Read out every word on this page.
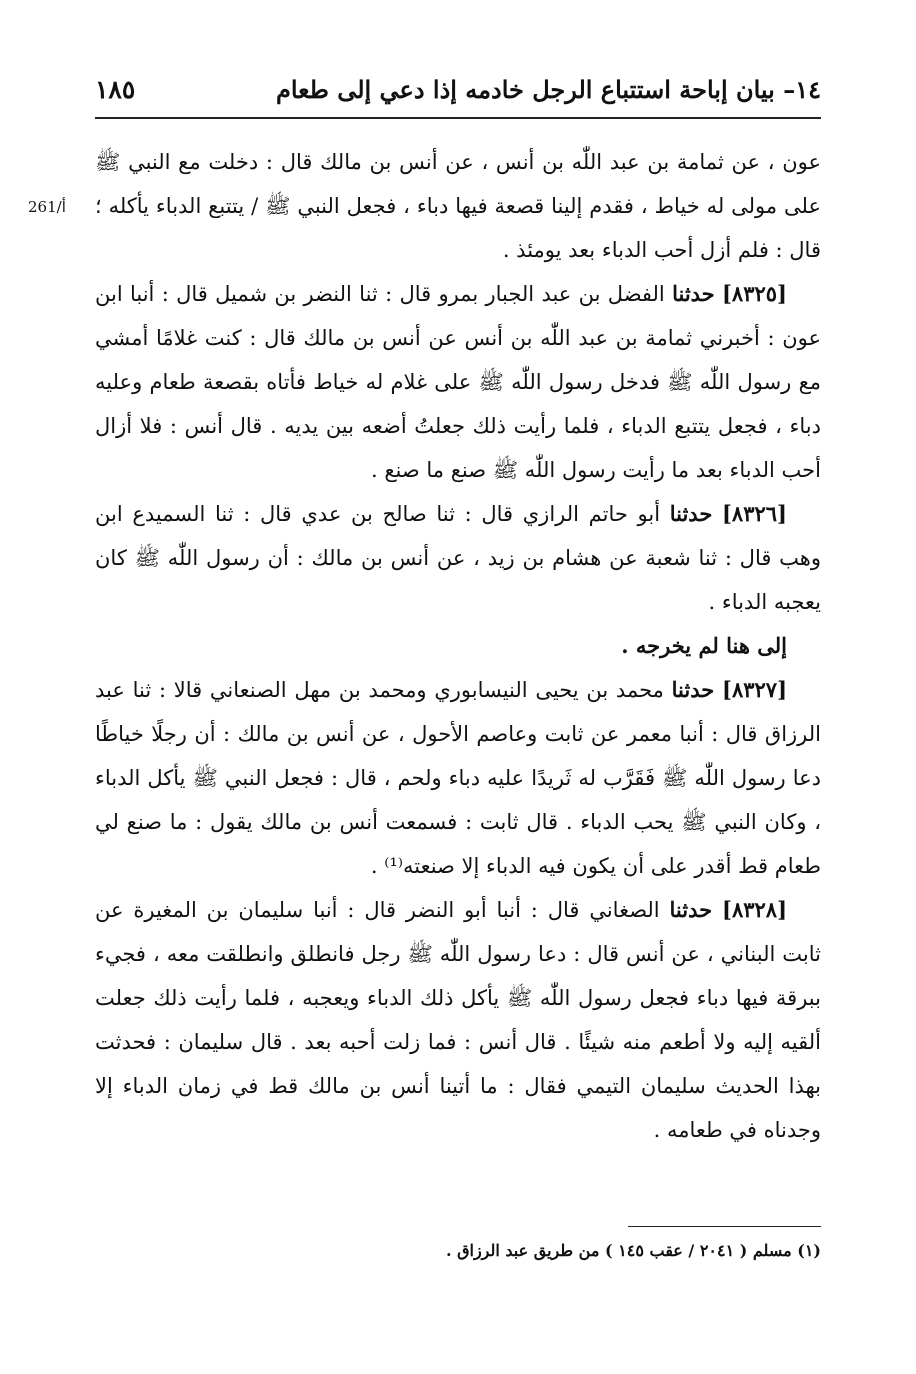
١٨٥	١٤– بيان إباحة استتباع الرجل خادمه إذا دعي إلى طعام
261/أ

عون ، عن ثمامة بن عبد اللّٰه بن أنس ، عن أنس بن مالك قال : دخلت مع النبي ﷺ على مولى له خياط ، فقدم إلينا قصعة فيها دباء ، فجعل النبي ﷺ / يتتبع الدباء يأكله ؛ قال : فلم أزل أحب الدباء بعد يومئذ .

[٨٣٢٥] حدثنا الفضل بن عبد الجبار بمرو قال : ثنا النضر بن شميل قال : أنبا ابن عون : أخبرني ثمامة بن عبد اللّٰه بن أنس عن أنس بن مالك قال : كنت غلامًا أمشي مع رسول اللّٰه ﷺ فدخل رسول اللّٰه ﷺ على غلام له خياط فأتاه بقصعة طعام وعليه دباء ، فجعل يتتبع الدباء ، فلما رأيت ذلك جعلتُ أضعه بين يديه . قال أنس : فلا أزال أحب الدباء بعد ما رأيت رسول اللّٰه ﷺ صنع ما صنع .

[٨٣٢٦] حدثنا أبو حاتم الرازي قال : ثنا صالح بن عدي قال : ثنا السميدع ابن وهب قال : ثنا شعبة عن هشام بن زيد ، عن أنس بن مالك : أن رسول اللّٰه ﷺ كان يعجبه الدباء .

إلى هنا لم يخرجه .

[٨٣٢٧] حدثنا محمد بن يحيى النيسابوري ومحمد بن مهل الصنعاني قالا : ثنا عبد الرزاق قال : أنبا معمر عن ثابت وعاصم الأحول ، عن أنس بن مالك : أن رجلًا خياطًا دعا رسول اللّٰه ﷺ فَقَرَّب له ثَريدًا عليه دباء ولحم ، قال : فجعل النبي ﷺ يأكل الدباء ، وكان النبي ﷺ يحب الدباء . قال ثابت : فسمعت أنس بن مالك يقول : ما صنع لي طعام قط أقدر على أن يكون فيه الدباء إلا صنعته⁽¹⁾ .

[٨٣٢٨] حدثنا الصغاني قال : أنبا أبو النضر قال : أنبا سليمان بن المغيرة عن ثابت البناني ، عن أنس قال : دعا رسول اللّٰه ﷺ رجل فانطلق وانطلقت معه ، فجيء ببرقة فيها دباء فجعل رسول اللّٰه ﷺ يأكل ذلك الدباء ويعجبه ، فلما رأيت ذلك جعلت ألقيه إليه ولا أطعم منه شيئًا . قال أنس : فما زلت أحبه بعد . قال سليمان : فحدثت بهذا الحديث سليمان التيمي فقال : ما أتينا أنس بن مالك قط في زمان الدباء إلا وجدناه في طعامه .

(١) مسلم ( ٢٠٤١ / عقب ١٤٥ ) من طريق عبد الرزاق .
